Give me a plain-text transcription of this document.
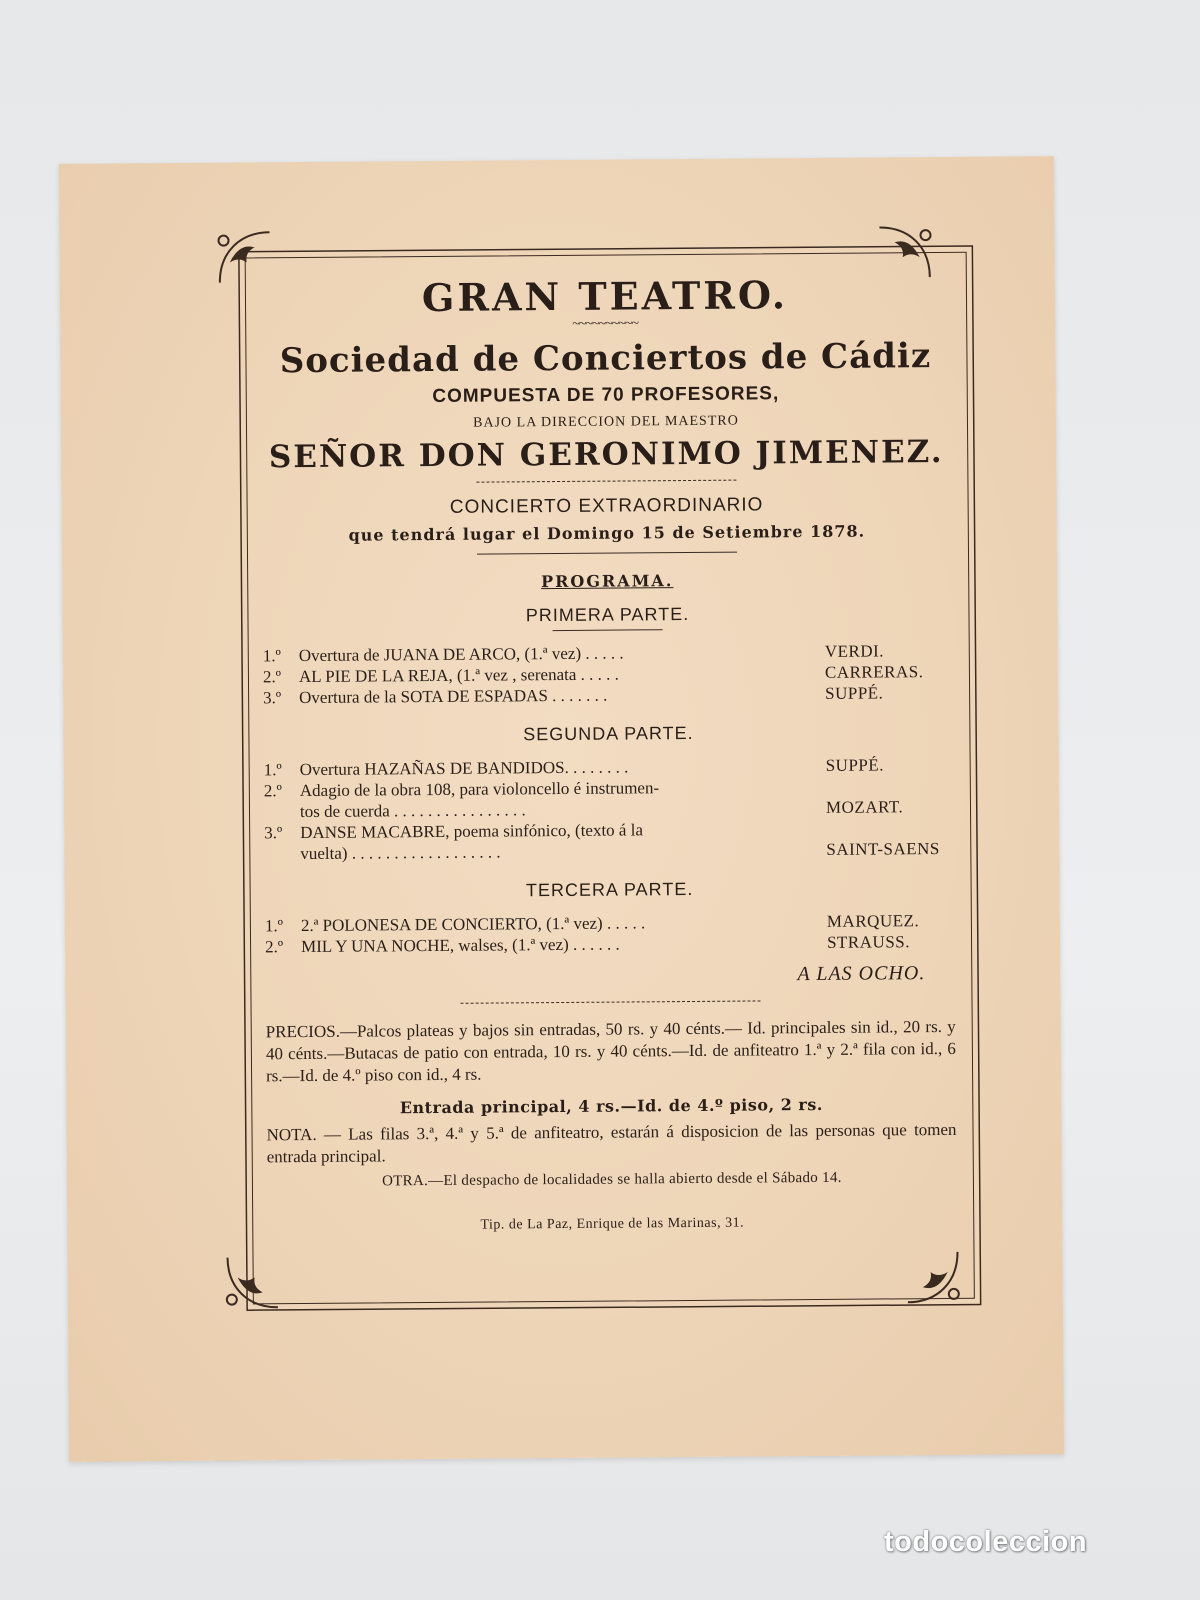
GRAN TEATRO.
~~~~~~~~~~
Sociedad de Conciertos de Cádiz
COMPUESTA DE 70 PROFESORES,
BAJO LA DIRECCION DEL MAESTRO
SEÑOR DON GERONIMO JIMENEZ.
CONCIERTO EXTRAORDINARIO
que tendrá lugar el Domingo 15 de Setiembre 1878.
PROGRAMA.
PRIMERA PARTE.
1.º	Overtura de JUANA DE ARCO, (1.ª vez) . . . . .	VERDI.
2.º	AL PIE DE LA REJA, (1.ª vez , serenata . . . . .	CARRERAS.
3.º	Overtura de la SOTA DE ESPADAS . . . . . . .	SUPPÉ.
SEGUNDA PARTE.
1.º	Overtura HAZAÑAS DE BANDIDOS. . . . . . . .	SUPPÉ.
2.º	Adagio de la obra 108, para violoncello é instrumen-
tos de cuerda . . . . . . . . . . . . . . . .	MOZART.
3.º	DANSE MACABRE, poema sinfónico, (texto á la
vuelta) . . . . . . . . . . . . . . . . . .	SAINT-SAENS
TERCERA PARTE.
1.º	2.ª POLONESA DE CONCIERTO, (1.ª vez) . . . . .	MARQUEZ.
2.º	MIL Y UNA NOCHE, walses, (1.ª vez) . . . . . .	STRAUSS.
A LAS OCHO.
PRECIOS.—Palcos plateas y bajos sin entradas, 50 rs. y 40 cénts.— Id. principales sin id., 20 rs. y 40 cénts.—Butacas de patio con entrada, 10 rs. y 40 cénts.—Id. de anfiteatro 1.ª y 2.ª fila con id., 6 rs.—Id. de 4.º piso con id., 4 rs.
Entrada principal, 4 rs.—Id. de 4.º piso, 2 rs.
NOTA. — Las filas 3.ª, 4.ª y 5.ª de anfiteatro, estarán á disposicion de las personas que tomen entrada principal.
OTRA.—El despacho de localidades se halla abierto desde el Sábado 14.
Tip. de La Paz, Enrique de las Marinas, 31.
todocoleccion
